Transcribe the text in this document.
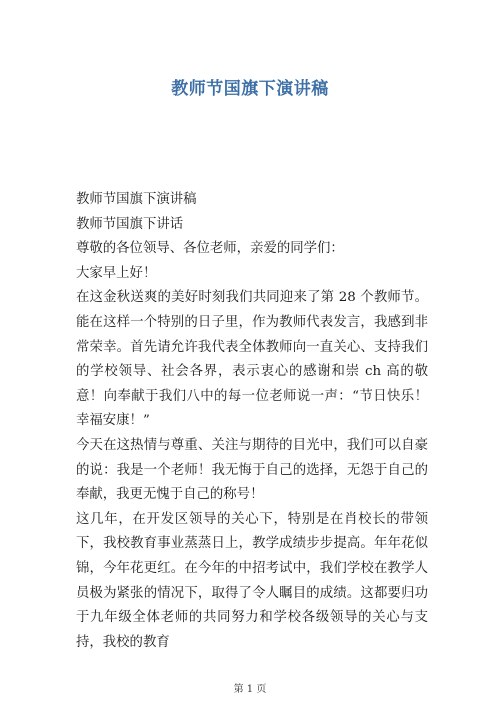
教师节国旗下演讲稿

教师节国旗下演讲稿

教师节国旗下讲话

尊敬的各位领导、各位老师，亲爱的同学们：

大家早上好！

在这金秋送爽的美好时刻我们共同迎来了第 28 个教师节。能在这样一个特别的日子里，作为教师代表发言，我感到非常荣幸。首先请允许我代表全体教师向一直关心、支持我们的学校领导、社会各界，表示衷心的感谢和崇 ch 高的敬意！向奉献于我们八中的每一位老师说一声：“节日快乐！幸福安康！”

今天在这热情与尊重、关注与期待的目光中，我们可以自豪的说：我是一个老师！我无悔于自己的选择，无怨于自己的奉献，我更无愧于自己的称号！

这几年，在开发区领导的关心下，特别是在肖校长的带领下，我校教育事业蒸蒸日上，教学成绩步步提高。年年花似锦，今年花更红。在今年的中招考试中，我们学校在教学人员极为紧张的情况下，取得了令人瞩目的成绩。这都要归功于九年级全体老师的共同努力和学校各级领导的关心与支持，我校的教育

第 1 页
